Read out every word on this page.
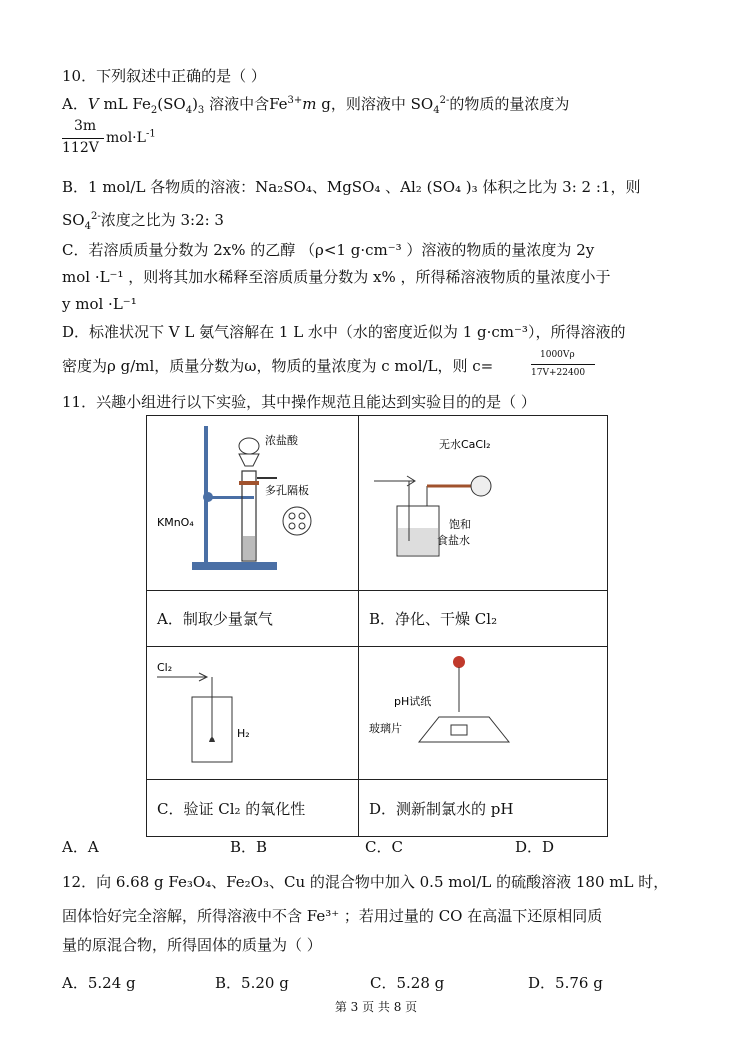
10．下列叙述中正确的是（ ）
A．V mL $Fe_2(SO_4)_3$ 溶液中含$Fe^{3+}m$ g，则溶液中 $SO_4^{2-}$的物质的量浓度为
3m
112V
$mol\cdot L^{-1}$
B．1 mol/L 各物质的溶液：Na₂SO₄、MgSO₄ 、Al₂ (SO₄ )₃ 体积之比为 3: 2 :1，则
$SO_4^{2-}$浓度之比为 3:2: 3
C．若溶质质量分数为 2x% 的乙醇 （ρ<1 g·cm⁻³ ）溶液的物质的量浓度为 2y
mol ·L⁻¹ ，则将其加水稀释至溶质质量分数为 x% ，所得稀溶液物质的量浓度小于
y mol ·L⁻¹
D．标准状况下 V L 氨气溶解在 1 L 水中（水的密度近似为 1 g·cm⁻³），所得溶液的
密度为ρ g/ml，质量分数为ω，物质的量浓度为 c mol/L，则 c=
1000Vρ
17V+22400
11．兴趣小组进行以下实验，其中操作规范且能达到实验目的的是（ ）
浓盐酸
多孔隔板
KMnO₄	无水CaCl₂
饱和
食盐水

A．制取少量氯气	B．净化、干燥 Cl₂

Cl₂
H₂	pH试纸
玻璃片

C．验证 Cl₂ 的氧化性	D．测新制氯水的 pH
A．A	B．B	C．C	D．D
12．向 6.68 g Fe₃O₄、Fe₂O₃、Cu 的混合物中加入 0.5 mol/L 的硫酸溶液 180 mL 时，
固体恰好完全溶解，所得溶液中不含 Fe³⁺ ；若用过量的 CO 在高温下还原相同质
量的原混合物，所得固体的质量为（ ）
A．5.24 g	B．5.20 g	C．5.28 g	D．5.76 g
第 3 页 共 8 页
